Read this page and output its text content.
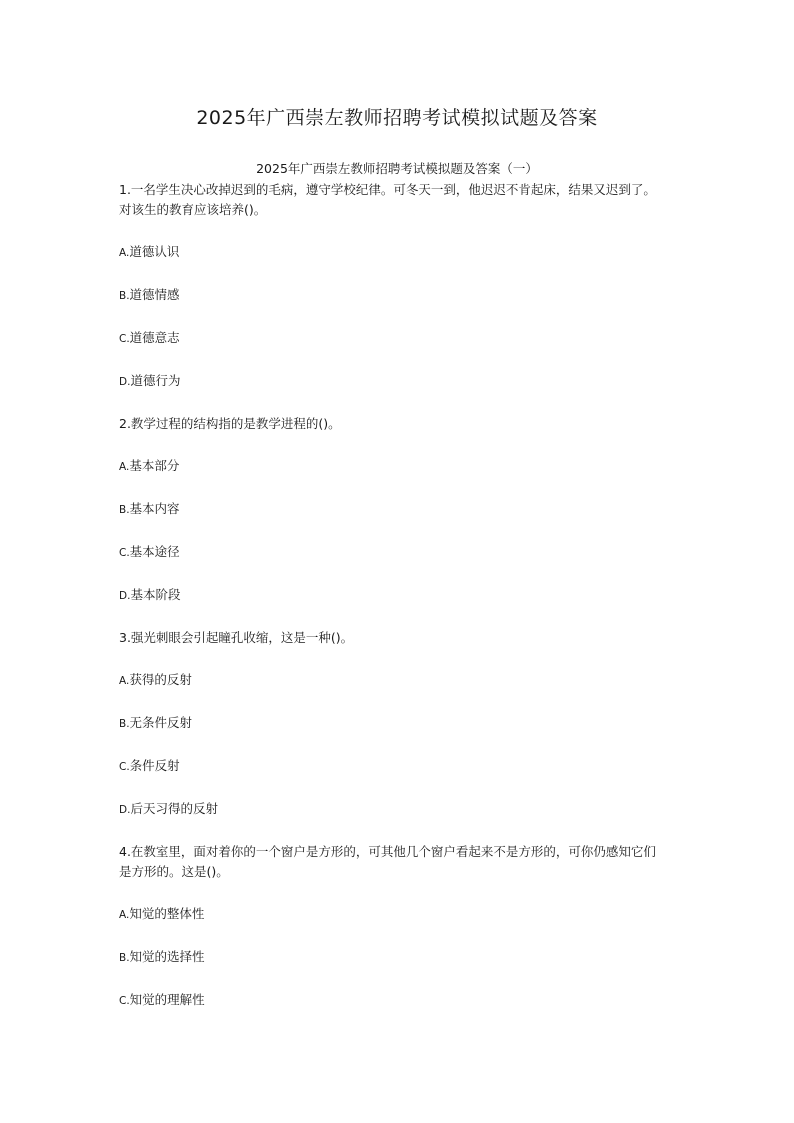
2025年广西崇左教师招聘考试模拟试题及答案
2025年广西崇左教师招聘考试模拟题及答案（一）

1.一名学生决心改掉迟到的毛病，遵守学校纪律。可冬天一到，他迟迟不肯起床，结果又迟到了。对该生的教育应该培养()。

A.道德认识

B.道德情感

C.道德意志

D.道德行为

2.教学过程的结构指的是教学进程的()。

A.基本部分

B.基本内容

C.基本途径

D.基本阶段

3.强光刺眼会引起瞳孔收缩，这是一种()。

A.获得的反射

B.无条件反射

C.条件反射

D.后天习得的反射

4.在教室里，面对着你的一个窗户是方形的，可其他几个窗户看起来不是方形的，可你仍感知它们是方形的。这是()。

A.知觉的整体性

B.知觉的选择性

C.知觉的理解性
